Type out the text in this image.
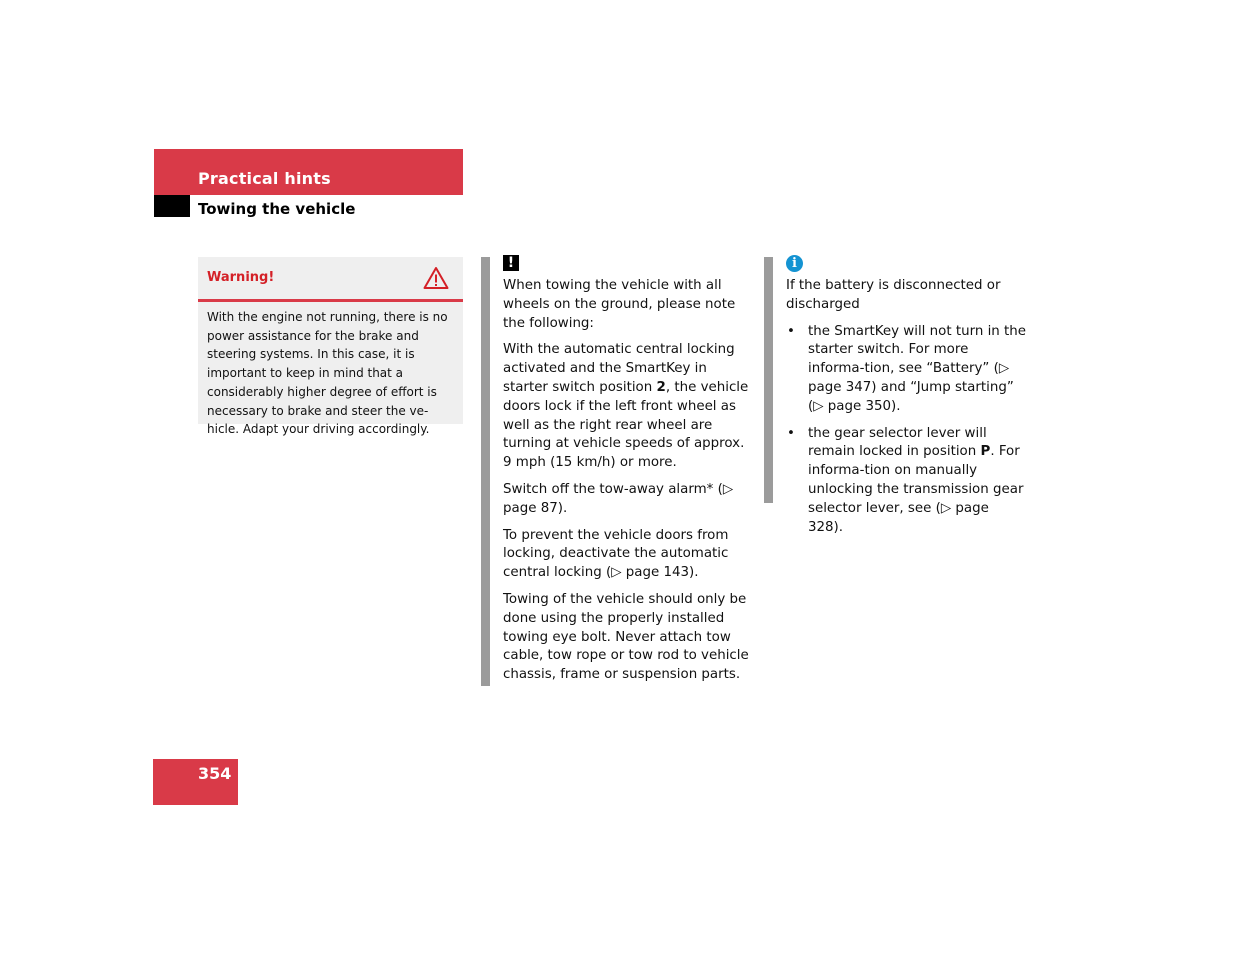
Practical hints
Towing the vehicle
Warning!
With the engine not running, there is no power assistance for the brake and steering systems. In this case, it is important to keep in mind that a considerably higher degree of effort is necessary to brake and steer the ve-hicle. Adapt your driving accordingly.
!

When towing the vehicle with all wheels on the ground, please note the following:

With the automatic central locking activated and the SmartKey in starter switch position 2, the vehicle doors lock if the left front wheel as well as the right rear wheel are turning at vehicle speeds of approx. 9 mph (15 km/h) or more.

Switch off the tow-away alarm* (▷ page 87).

To prevent the vehicle doors from locking, deactivate the automatic central locking (▷ page 143).

Towing of the vehicle should only be done using the properly installed towing eye bolt. Never attach tow cable, tow rope or tow rod to vehicle chassis, frame or suspension parts.

i

If the battery is disconnected or discharged

• the SmartKey will not turn in the starter switch. For more informa-tion, see “Battery” (▷ page 347) and “Jump starting” (▷ page 350).
• the gear selector lever will remain locked in position P. For informa-tion on manually unlocking the transmission gear selector lever, see (▷ page 328).
354
